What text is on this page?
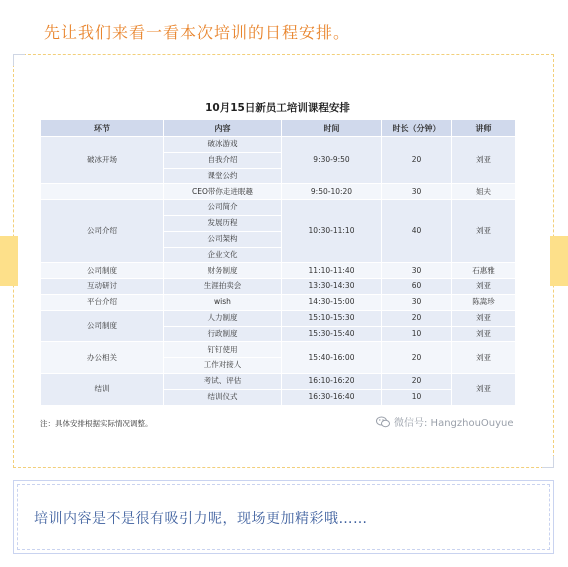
先让我们来看一看本次培训的日程安排。
10月15日新员工培训课程安排
环节	内容	时间	时长（分钟）	讲师
破冰开场	破冰游戏	9:30-9:50	20	刘亚
	自我介绍			
	课堂公约			
	CEO带你走进眠趣	9:50-10:20	30	姐夫
公司介绍	公司简介	10:30-11:10	40	刘亚
	发展历程			
	公司架构			
	企业文化			
公司制度	财务制度	11:10-11:40	30	石惠雅
互动研讨	生涯拍卖会	13:30-14:30	60	刘亚
平台介绍	wish	14:30-15:00	30	陈嵩珍
公司制度	人力制度	15:10-15:30	20	刘亚
	行政制度	15:30-15:40	10	刘亚
办公相关	钉钉使用	15:40-16:00	20	刘亚
	工作对接人			
结训	考试、评估	16:10-16:20	20	刘亚
	结训仪式	16:30-16:40	10	
注：具体安排根据实际情况调整。	微信号: HangzhouOuyue
培训内容是不是很有吸引力呢，现场更加精彩哦……
